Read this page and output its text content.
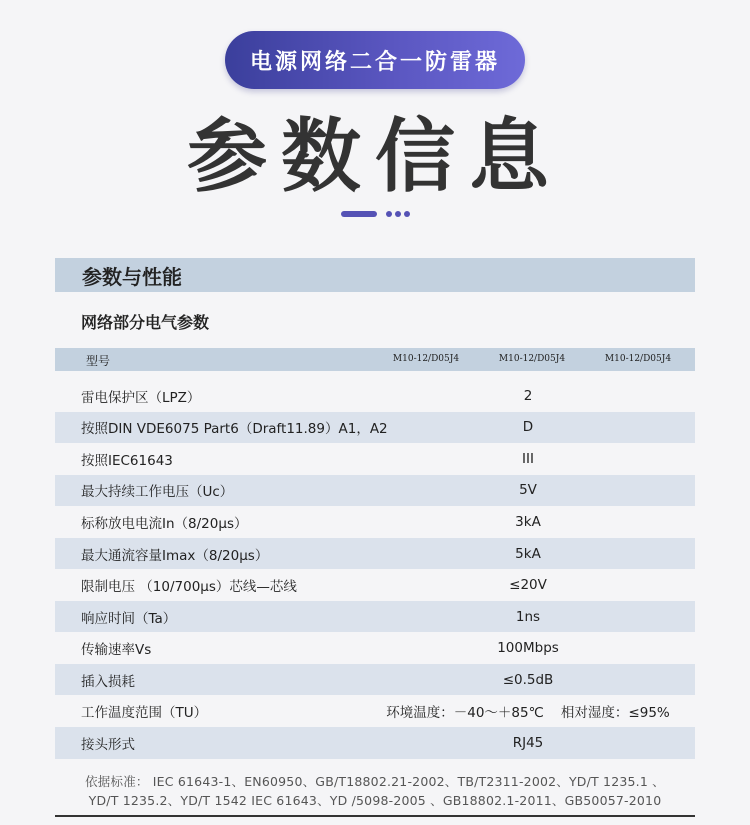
电源网络二合一防雷器
参数信息
参数与性能
网络部分电气参数
型号	M10-12/D05J4	M10-12/D05J4	M10-12/D05J4
雷电保护区（LPZ）	2
按照DIN VDE6075 Part6（Draft11.89）A1，A2	D
按照IEC61643	III
最大持续工作电压（Uc）	5V
标称放电电流In（8/20μs）	3kA
最大通流容量Imax（8/20μs）	5kA
限制电压 （10/700μs）芯线—芯线	≤20V
响应时间（Ta）	1ns
传输速率Vs	100Mbps
插入损耗	≤0.5dB
工作温度范围（TU）	环境温度：－40～＋85℃    相对湿度：≤95%
接头形式	RJ45
依据标准： IEC 61643-1、EN60950、GB/T18802.21-2002、TB/T2311-2002、YD/T 1235.1 、
YD/T 1235.2、YD/T 1542 IEC 61643、YD /5098-2005 、GB18802.1-2011、GB50057-2010
